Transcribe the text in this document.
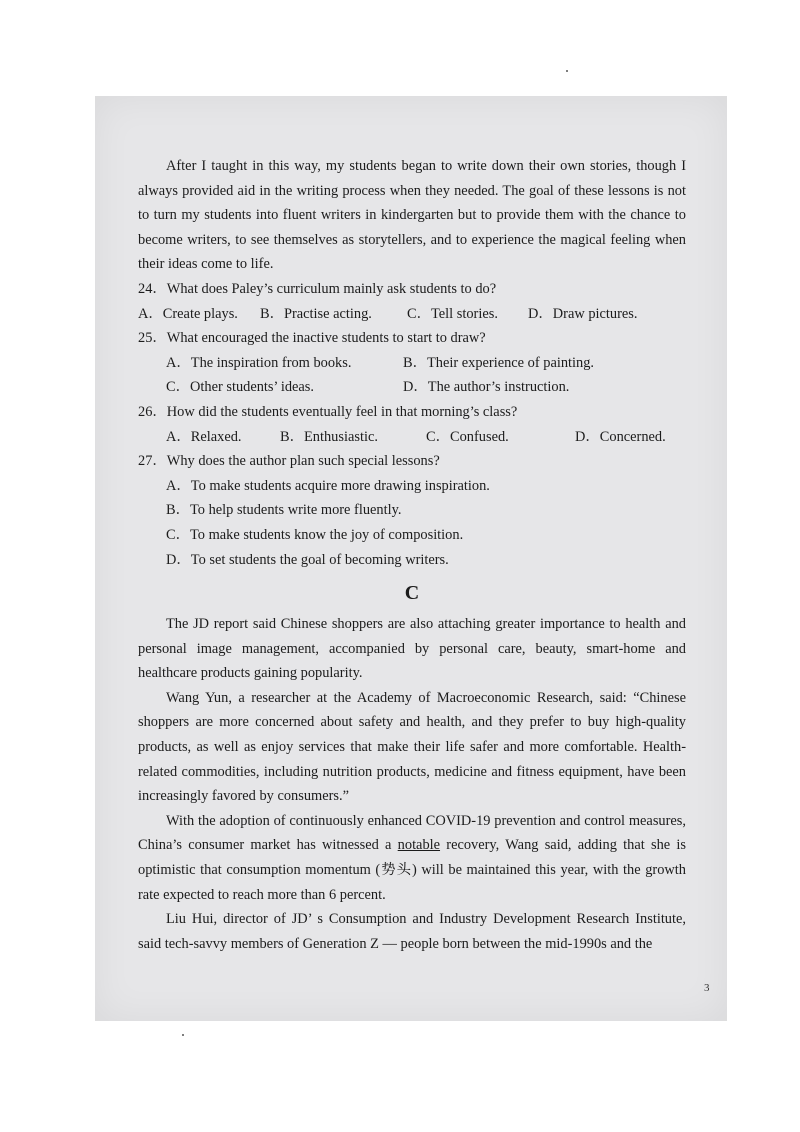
After I taught in this way, my students began to write down their own stories, though I always provided aid in the writing process when they needed. The goal of these lessons is not to turn my students into fluent writers in kindergarten but to provide them with the chance to become writers, to see themselves as storytellers, and to experience the magical feeling when their ideas come to life.

24．What does Paley’s curriculum mainly ask students to do?
A．Create plays.	B．Practise acting.	C．Tell stories.	D．Draw pictures.
25．What encouraged the inactive students to start to draw?
A．The inspiration from books.	B．Their experience of painting.
C．Other students’ ideas.	D．The author’s instruction.
26．How did the students eventually feel in that morning’s class?
A．Relaxed.	B．Enthusiastic.	C．Confused.	D．Concerned.
27．Why does the author plan such special lessons?
A．To make students acquire more drawing inspiration.
B．To help students write more fluently.
C．To make students know the joy of composition.
D．To set students the goal of becoming writers.
C

The JD report said Chinese shoppers are also attaching greater importance to health and personal image management, accompanied by personal care, beauty, smart-home and healthcare products gaining popularity.

Wang Yun, a researcher at the Academy of Macroeconomic Research, said: “Chinese shoppers are more concerned about safety and health, and they prefer to buy high-quality products, as well as enjoy services that make their life safer and more comfortable. Health-related commodities, including nutrition products, medicine and fitness equipment, have been increasingly favored by consumers.”

With the adoption of continuously enhanced COVID-19 prevention and control measures, China’s consumer market has witnessed a notable recovery, Wang said, adding that she is optimistic that consumption momentum (势头) will be maintained this year, with the growth rate expected to reach more than 6 percent.

Liu Hui, director of JD’ s Consumption and Industry Development Research Institute, said tech-savvy members of Generation Z — people born between the mid-1990s and the

3
